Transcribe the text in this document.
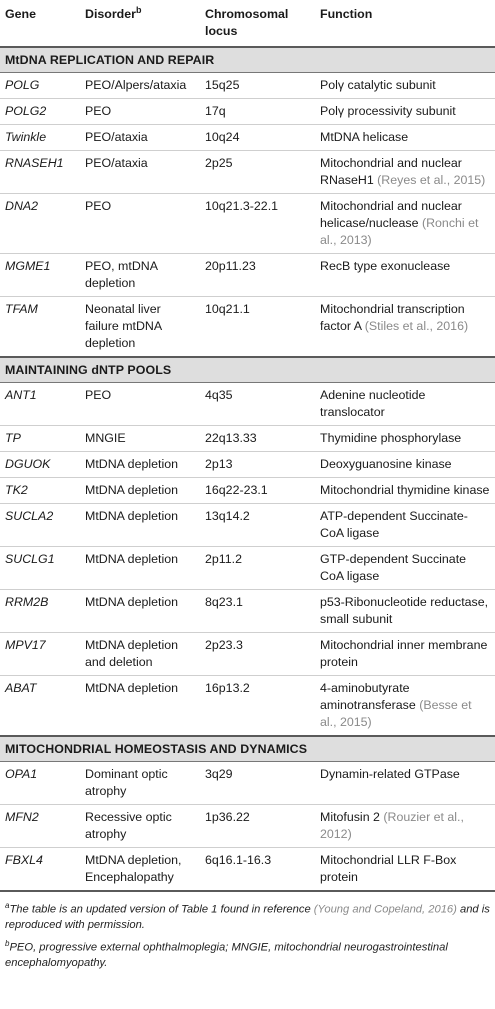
Gene	Disorder$^b$	Chromosomal locus	Function
MtDNA REPLICATION AND REPAIR			
POLG	PEO/Alpers/ataxia	15q25	Polγ catalytic subunit
POLG2	PEO	17q	Polγ processivity subunit
Twinkle	PEO/ataxia	10q24	MtDNA helicase
RNASEH1	PEO/ataxia	2p25	Mitochondrial and nuclear RNaseH1 (Reyes et al., 2015)
DNA2	PEO	10q21.3-22.1	Mitochondrial and nuclear helicase/nuclease (Ronchi et al., 2013)
MGME1	PEO, mtDNA depletion	20p11.23	RecB type exonuclease
TFAM	Neonatal liver failure mtDNA depletion	10q21.1	Mitochondrial transcription factor A (Stiles et al., 2016)
MAINTAINING dNTP POOLS			
ANT1	PEO	4q35	Adenine nucleotide translocator
TP	MNGIE	22q13.33	Thymidine phosphorylase
DGUOK	MtDNA depletion	2p13	Deoxyguanosine kinase
TK2	MtDNA depletion	16q22-23.1	Mitochondrial thymidine kinase
SUCLA2	MtDNA depletion	13q14.2	ATP-dependent Succinate-CoA ligase
SUCLG1	MtDNA depletion	2p11.2	GTP-dependent Succinate CoA ligase
RRM2B	MtDNA depletion	8q23.1	p53-Ribonucleotide reductase, small subunit
MPV17	MtDNA depletion and deletion	2p23.3	Mitochondrial inner membrane protein
ABAT	MtDNA depletion	16p13.2	4-aminobutyrate aminotransferase (Besse et al., 2015)
MITOCHONDRIAL HOMEOSTASIS AND DYNAMICS			
OPA1	Dominant optic atrophy	3q29	Dynamin-related GTPase
MFN2	Recessive optic atrophy	1p36.22	Mitofusin 2 (Rouzier et al., 2012)
FBXL4	MtDNA depletion, Encephalopathy	6q16.1-16.3	Mitochondrial LLR F-Box protein

$^a$The table is an updated version of Table 1 found in reference (Young and Copeland, 2016) and is reproduced with permission.

$^b$PEO, progressive external ophthalmoplegia; MNGIE, mitochondrial neurogastrointestinal encephalomyopathy.
